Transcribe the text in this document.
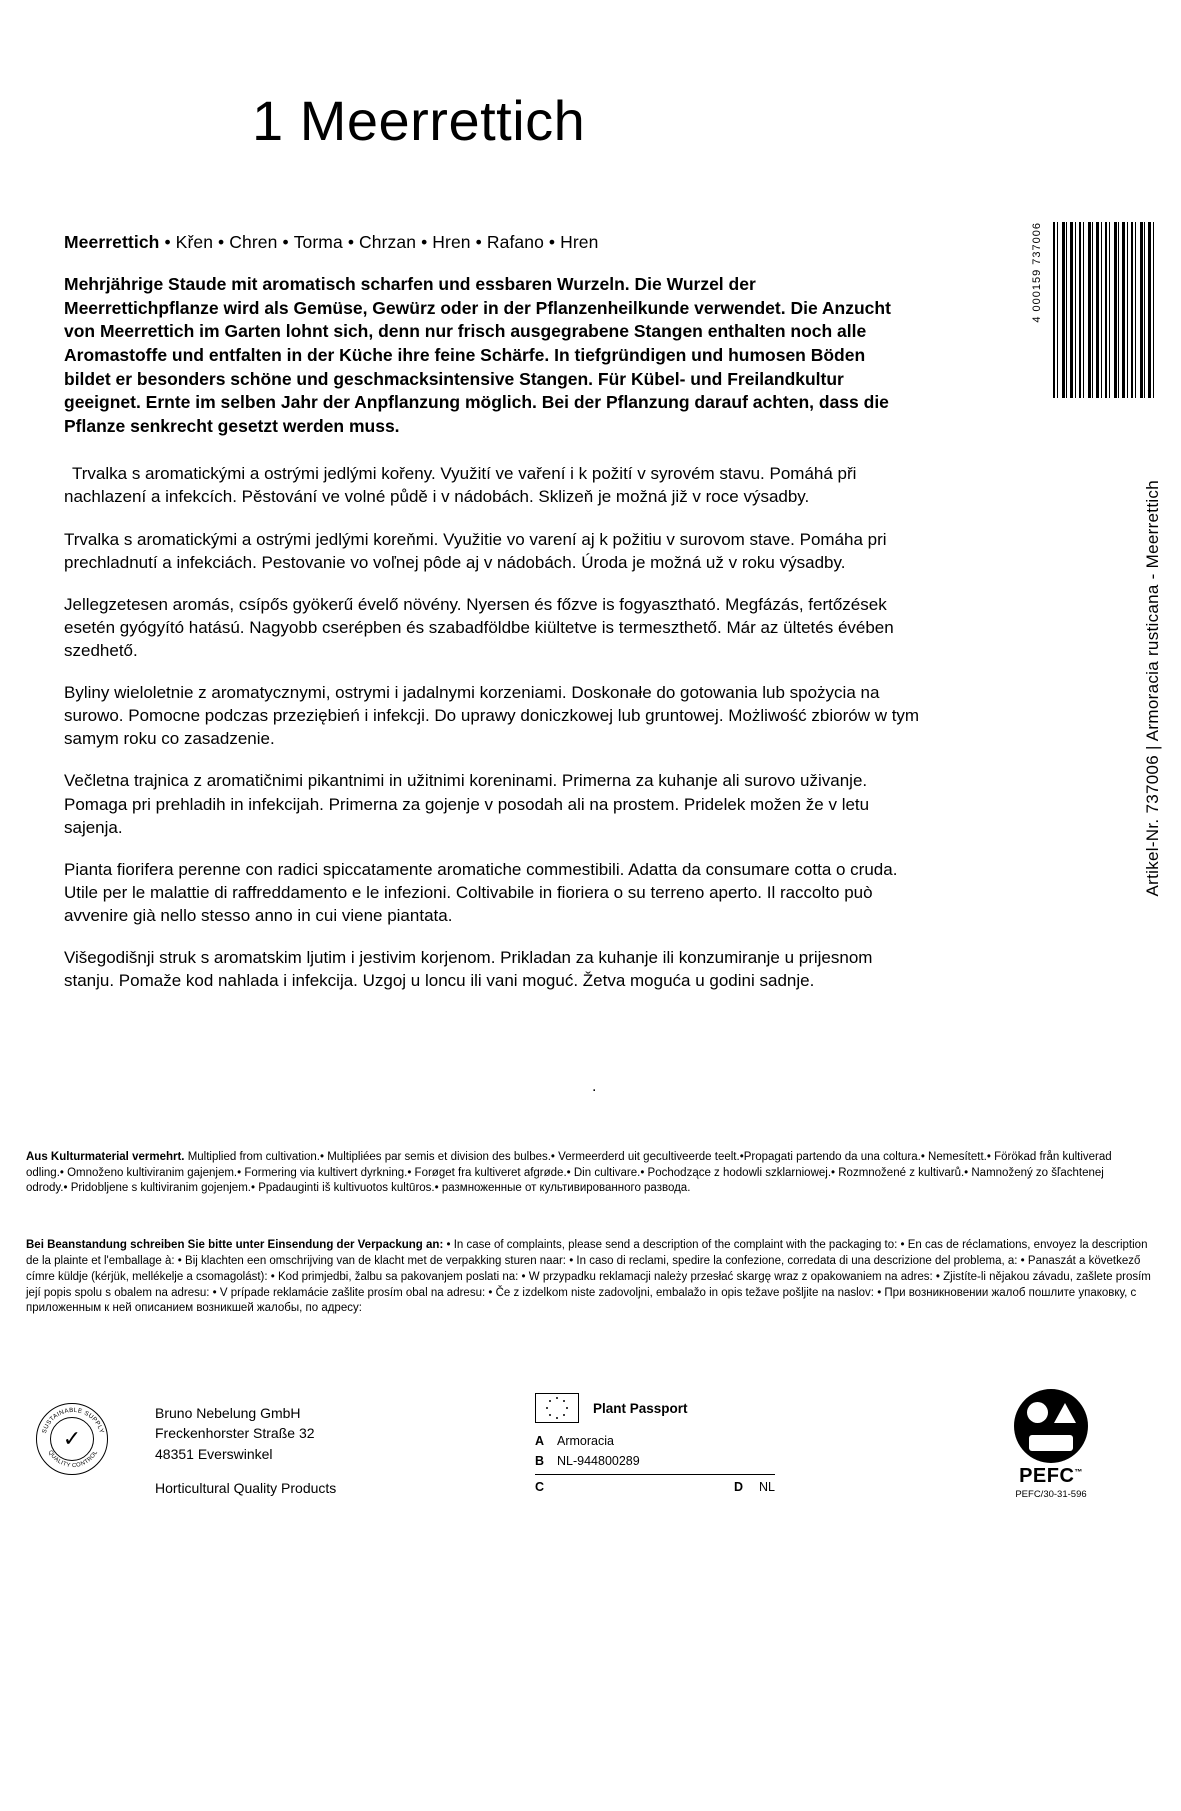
1 Meerrettich
4 000159 737006
Artikel-Nr. 737006 | Armoracia rusticana - Meerrettich
Meerrettich • Křen • Chren • Torma • Chrzan • Hren • Rafano • Hren
Mehrjährige Staude mit aromatisch scharfen und essbaren Wurzeln. Die Wurzel der Meerrettichpflanze wird als Gemüse, Gewürz oder in der Pflanzenheilkunde verwendet. Die Anzucht von Meerrettich im Garten lohnt sich, denn nur frisch ausgegrabene Stangen enthalten noch alle Aromastoffe und entfalten in der Küche ihre feine Schärfe. In tiefgründigen und humosen Böden bildet er besonders schöne und geschmacksintensive Stangen. Für Kübel- und Freilandkultur geeignet. Ernte im selben Jahr der Anpflanzung möglich. Bei der Pflanzung darauf achten, dass die Pflanze senkrecht gesetzt werden muss.
Trvalka s aromatickými a ostrými jedlými kořeny. Využití ve vaření i k požití v syrovém stavu. Pomáhá při nachlazení a infekcích. Pěstování ve volné půdě i v nádobách. Sklizeň je možná již v roce výsadby.
Trvalka s aromatickými a ostrými jedlými koreňmi. Využitie vo varení aj k požitiu v surovom stave. Pomáha pri prechladnutí a infekciách. Pestovanie vo voľnej pôde aj v nádobách. Úroda je možná už v roku výsadby.
Jellegzetesen aromás, csípős gyökerű évelő növény. Nyersen és főzve is fogyasztható. Megfázás, fertőzések esetén gyógyító hatású. Nagyobb cserépben és szabadföldbe kiültetve is termeszthető. Már az ültetés évében szedhető.
Byliny wieloletnie z aromatycznymi, ostrymi i jadalnymi korzeniami. Doskonałe do gotowania lub spożycia na surowo. Pomocne podczas przeziębień i infekcji. Do uprawy doniczkowej lub gruntowej. Możliwość zbiorów w tym samym roku co zasadzenie.
Večletna trajnica z aromatičnimi pikantnimi in užitnimi koreninami. Primerna za kuhanje ali surovo uživanje. Pomaga pri prehladih in infekcijah. Primerna za gojenje v posodah ali na prostem. Pridelek možen že v letu sajenja.
Pianta fiorifera perenne con radici spiccatamente aromatiche commestibili. Adatta da consumare cotta o cruda. Utile per le malattie di raffreddamento e le infezioni. Coltivabile in fioriera o su terreno aperto. Il raccolto può avvenire già nello stesso anno in cui viene piantata.
Višegodišnji struk s aromatskim ljutim i jestivim korjenom. Prikladan za kuhanje ili konzumiranje u prijesnom stanju. Pomaže kod nahlada i infekcija. Uzgoj u loncu ili vani moguć. Žetva moguća u godini sadnje.
.
Aus Kulturmaterial vermehrt. Multiplied from cultivation.• Multipliées par semis et division des bulbes.• Vermeerderd uit gecultiveerde teelt.•Propagati partendo da una coltura.• Nemesített.• Förökad från kultiverad odling.• Omnoženo kultiviranim gajenjem.• Formering via kultivert dyrkning.• Forøget fra kultiveret afgrøde.• Din cultivare.• Pochodzące z hodowli szklarniowej.• Rozmnožené z kultivarů.• Namnožený zo šľachtenej odrody.• Pridobljene s kultiviranim gojenjem.• Ppadauginti iš kultivuotos kultūros.• размноженные от культивированного развода.
Bei Beanstandung schreiben Sie bitte unter Einsendung der Verpackung an: • In case of complaints, please send a description of the complaint with the packaging to: • En cas de réclamations, envoyez la description de la plainte et l'emballage à: • Bij klachten een omschrijving van de klacht met de verpakking sturen naar: • In caso di reclami, spedire la confezione, corredata di una descrizione del problema, a: • Panaszát a következő címre küldje (kérjük, mellékelje a csomagolást): • Kod primjedbi, žalbu sa pakovanjem poslati na: • W przypadku reklamacji należy przesłać skargę wraz z opakowaniem na adres: • Zjistíte-li nějakou závadu, zašlete prosím její popis spolu s obalem na adresu: • V prípade reklamácie zašlite prosím obal na adresu: • Če z izdelkom niste zadovoljni, embalažo in opis težave pošljite na naslov: • При возникновении жалоб пошлите упаковку, с приложенным к ней описанием возникшей жалобы, по адресу:
✓
SUSTAINABLE SUPPLY
QUALITY CONTROL
Bruno Nebelung GmbH
Freckenhorster Straße 32
48351 Everswinkel
Horticultural Quality Products
Plant Passport
A	Armoracia
B	NL-944800289
C	D NL	PEFC™
PEFC/30-31-596
